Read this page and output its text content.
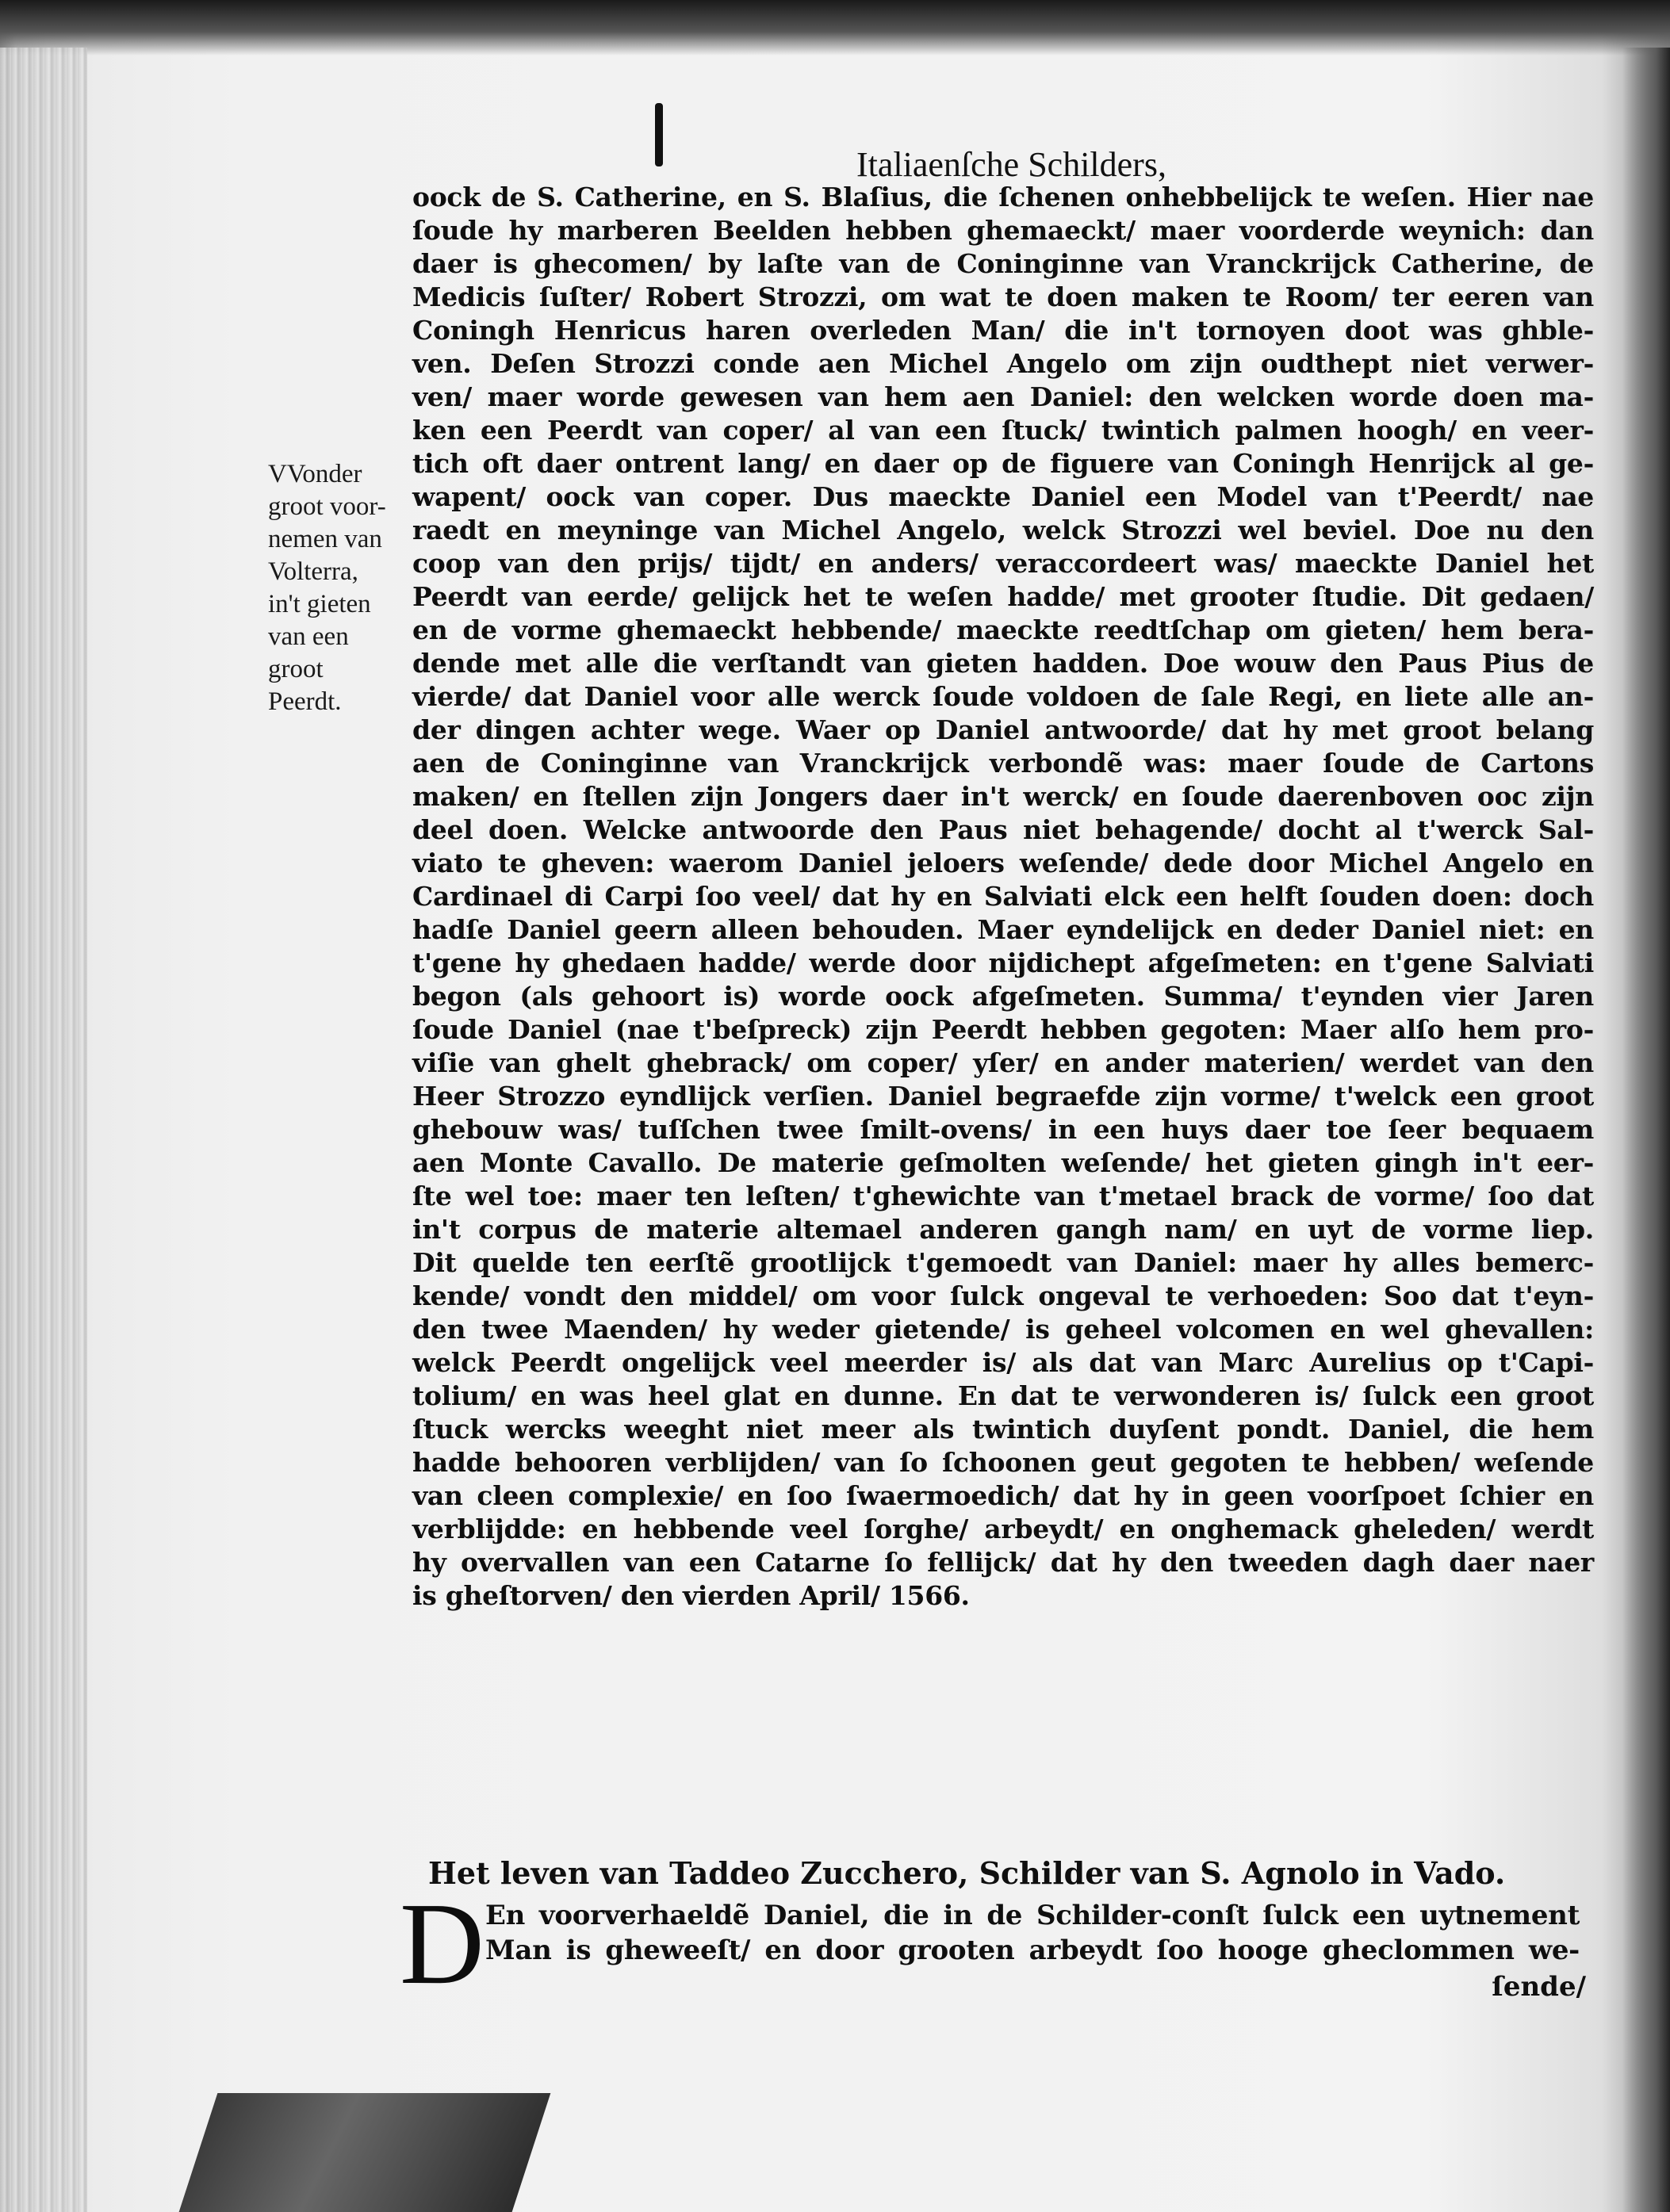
Italiaenſche Schilders,
VVonder
groot voor-
nemen van
Volterra,
in't gieten
van een
groot
Peerdt.
oock de S. Catherine, en S. Blaſius, die ſchenen onhebbelijck te weſen. Hier nae
ſoude hy marberen Beelden hebben ghemaeckt/ maer voorderde weynich: dan
daer is ghecomen/ by laſte van de Coninginne van Vranckrijck Catherine, de
Medicis ſuſter/ Robert Strozzi, om wat te doen maken te Room/ ter eeren van
Coningh Henricus haren overleden Man/ die in't tornoyen doot was ghble-
ven. Deſen Strozzi conde aen Michel Angelo om zijn oudthept niet verwer-
ven/ maer worde gewesen van hem aen Daniel: den welcken worde doen ma-
ken een Peerdt van coper/ al van een ſtuck/ twintich palmen hoogh/ en veer-
tich oft daer ontrent lang/ en daer op de figuere van Coningh Henrijck al ge-
wapent/ oock van coper. Dus maeckte Daniel een Model van t'Peerdt/ nae
raedt en meyninge van Michel Angelo, welck Strozzi wel beviel. Doe nu den
coop van den prijs/ tijdt/ en anders/ veraccordeert was/ maeckte Daniel het
Peerdt van eerde/ gelijck het te weſen hadde/ met grooter ſtudie. Dit gedaen/
en de vorme ghemaeckt hebbende/ maeckte reedtſchap om gieten/ hem bera-
dende met alle die verſtandt van gieten hadden. Doe wouw den Paus Pius de
vierde/ dat Daniel voor alle werck ſoude voldoen de ſale Regi, en liete alle an-
der dingen achter wege. Waer op Daniel antwoorde/ dat hy met groot belang
aen de Coninginne van Vranckrijck verbondẽ was: maer ſoude de Cartons
maken/ en ſtellen zijn Jongers daer in't werck/ en ſoude daerenboven ooc zijn
deel doen. Welcke antwoorde den Paus niet behagende/ docht al t'werck Sal-
viato te gheven: waerom Daniel jeloers weſende/ dede door Michel Angelo en
Cardinael di Carpi ſoo veel/ dat hy en Salviati elck een helft ſouden doen: doch
hadſe Daniel geern alleen behouden. Maer eyndelijck en deder Daniel niet: en
t'gene hy ghedaen hadde/ werde door nijdichept afgeſmeten: en t'gene Salviati
begon (als gehoort is) worde oock afgeſmeten. Summa/ t'eynden vier Jaren
ſoude Daniel (nae t'beſpreck) zijn Peerdt hebben gegoten: Maer alſo hem pro-
viſie van ghelt ghebrack/ om coper/ yſer/ en ander materien/ werdet van den
Heer Strozzo eyndlijck verſien. Daniel begraefde zijn vorme/ t'welck een groot
ghebouw was/ tuſſchen twee ſmilt-ovens/ in een huys daer toe ſeer bequaem
aen Monte Cavallo. De materie geſmolten weſende/ het gieten gingh in't eer-
ſte wel toe: maer ten leſten/ t'ghewichte van t'metael brack de vorme/ ſoo dat
in't corpus de materie altemael anderen gangh nam/ en uyt de vorme liep.
Dit quelde ten eerſtẽ grootlijck t'gemoedt van Daniel: maer hy alles bemerc-
kende/ vondt den middel/ om voor ſulck ongeval te verhoeden: Soo dat t'eyn-
den twee Maenden/ hy weder gietende/ is geheel volcomen en wel ghevallen:
welck Peerdt ongelijck veel meerder is/ als dat van Marc Aurelius op t'Capi-
tolium/ en was heel glat en dunne. En dat te verwonderen is/ ſulck een groot
ſtuck wercks weeght niet meer als twintich duyſent pondt. Daniel, die hem
hadde behooren verblijden/ van ſo ſchoonen geut gegoten te hebben/ weſende
van cleen complexie/ en ſoo ſwaermoedich/ dat hy in geen voorſpoet ſchier en
verblijdde: en hebbende veel ſorghe/ arbeydt/ en onghemack gheleden/ werdt
hy overvallen van een Catarne ſo fellijck/ dat hy den tweeden dagh daer naer
is gheſtorven/ den vierden April/ 1566.
Het leven van Taddeo Zucchero, Schilder van S. Agnolo in Vado.
D En voorverhaeldẽ Daniel, die in de Schilder-conſt ſulck een uytnement
Man is gheweeſt/ en door grooten arbeydt ſoo hooge gheclommen we-
ſende/
